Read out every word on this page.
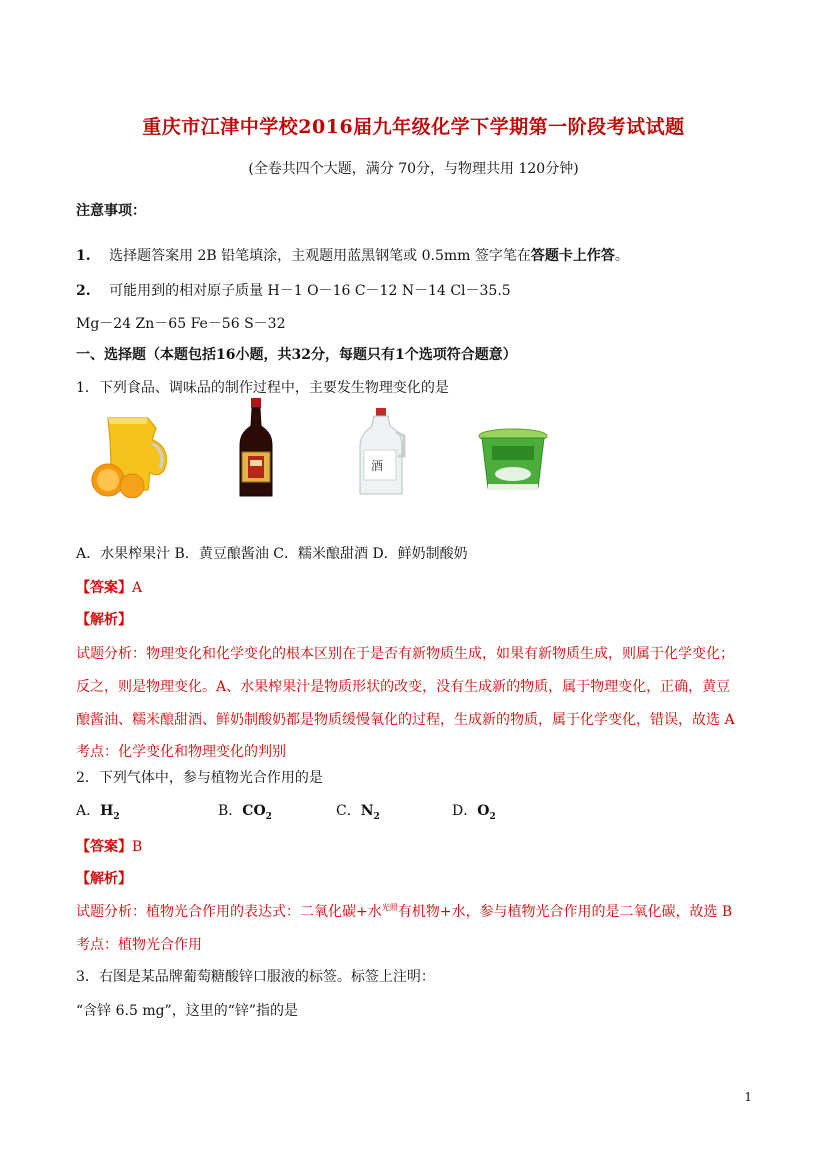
重庆市江津中学校2016届九年级化学下学期第一阶段考试试题
(全卷共四个大题，满分 70分，与物理共用 120分钟)
注意事项：
1. 选择题答案用 2B 铅笔填涂，主观题用蓝黑钢笔或 0.5mm 签字笔在答题卡上作答。
2. 可能用到的相对原子质量 H－1 O－16 C－12 N－14 Cl－35.5
Mg－24 Zn－65 Fe－56 S－32
一、选择题（本题包括16小题，共32分，每题只有1个选项符合题意）
1．下列食品、调味品的制作过程中，主要发生物理变化的是
酒
A．水果榨果汁 B．黄豆酿酱油 C．糯米酿甜酒 D．鲜奶制酸奶
【答案】A
【解析】
试题分析：物理变化和化学变化的根本区别在于是否有新物质生成，如果有新物质生成，则属于化学变化；
反之，则是物理变化。A、水果榨果汁是物质形状的改变，没有生成新的物质，属于物理变化，正确，黄豆
酿酱油、糯米酿甜酒、鲜奶制酸奶都是物质缓慢氧化的过程，生成新的物质，属于化学变化，错误，故选 A
考点：化学变化和物理变化的判别
2．下列气体中，参与植物光合作用的是
A．$H_2$	B．$CO_2$	C．$N_2$	D．$O_2$
【答案】B
【解析】
试题分析：植物光合作用的表达式：二氧化碳+水$^{光照}$有机物+水，参与植物光合作用的是二氧化碳，故选 B
考点：植物光合作用
3．右图是某品牌葡萄糖酸锌口服液的标签。标签上注明：
“含锌 6.5 mg”，这里的“锌”指的是
1
